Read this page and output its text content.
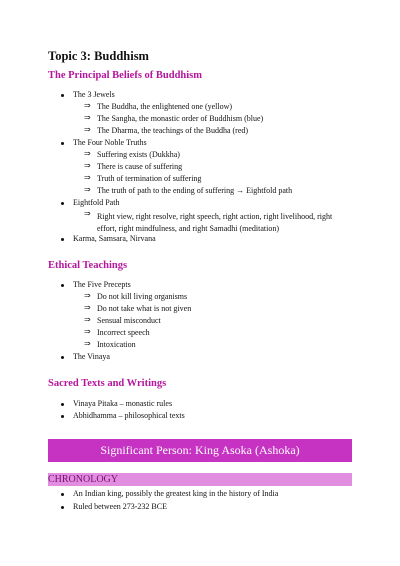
Topic 3: Buddhism
The Principal Beliefs of Buddhism
The 3 Jewels
⇒ The Buddha, the enlightened one (yellow)
⇒ The Sangha, the monastic order of Buddhism (blue)
⇒ The Dharma, the teachings of the Buddha (red)
The Four Noble Truths
⇒ Suffering exists (Dukkha)
⇒ There is cause of suffering
⇒ Truth of termination of suffering
⇒ The truth of path to the ending of suffering → Eightfold path
Eightfold Path
⇒ Right view, right resolve, right speech, right action, right livelihood, right effort, right mindfulness, and right Samadhi (meditation)
Karma, Samsara, Nirvana
Ethical Teachings
The Five Precepts
⇒ Do not kill living organisms
⇒ Do not take what is not given
⇒ Sensual misconduct
⇒ Incorrect speech
⇒ Intoxication
The Vinaya
Sacred Texts and Writings
Vinaya Pitaka – monastic rules
Abhidhamma – philosophical texts
Significant Person: King Asoka (Ashoka)
CHRONOLOGY
An Indian king, possibly the greatest king in the history of India
Ruled between 273-232 BCE
